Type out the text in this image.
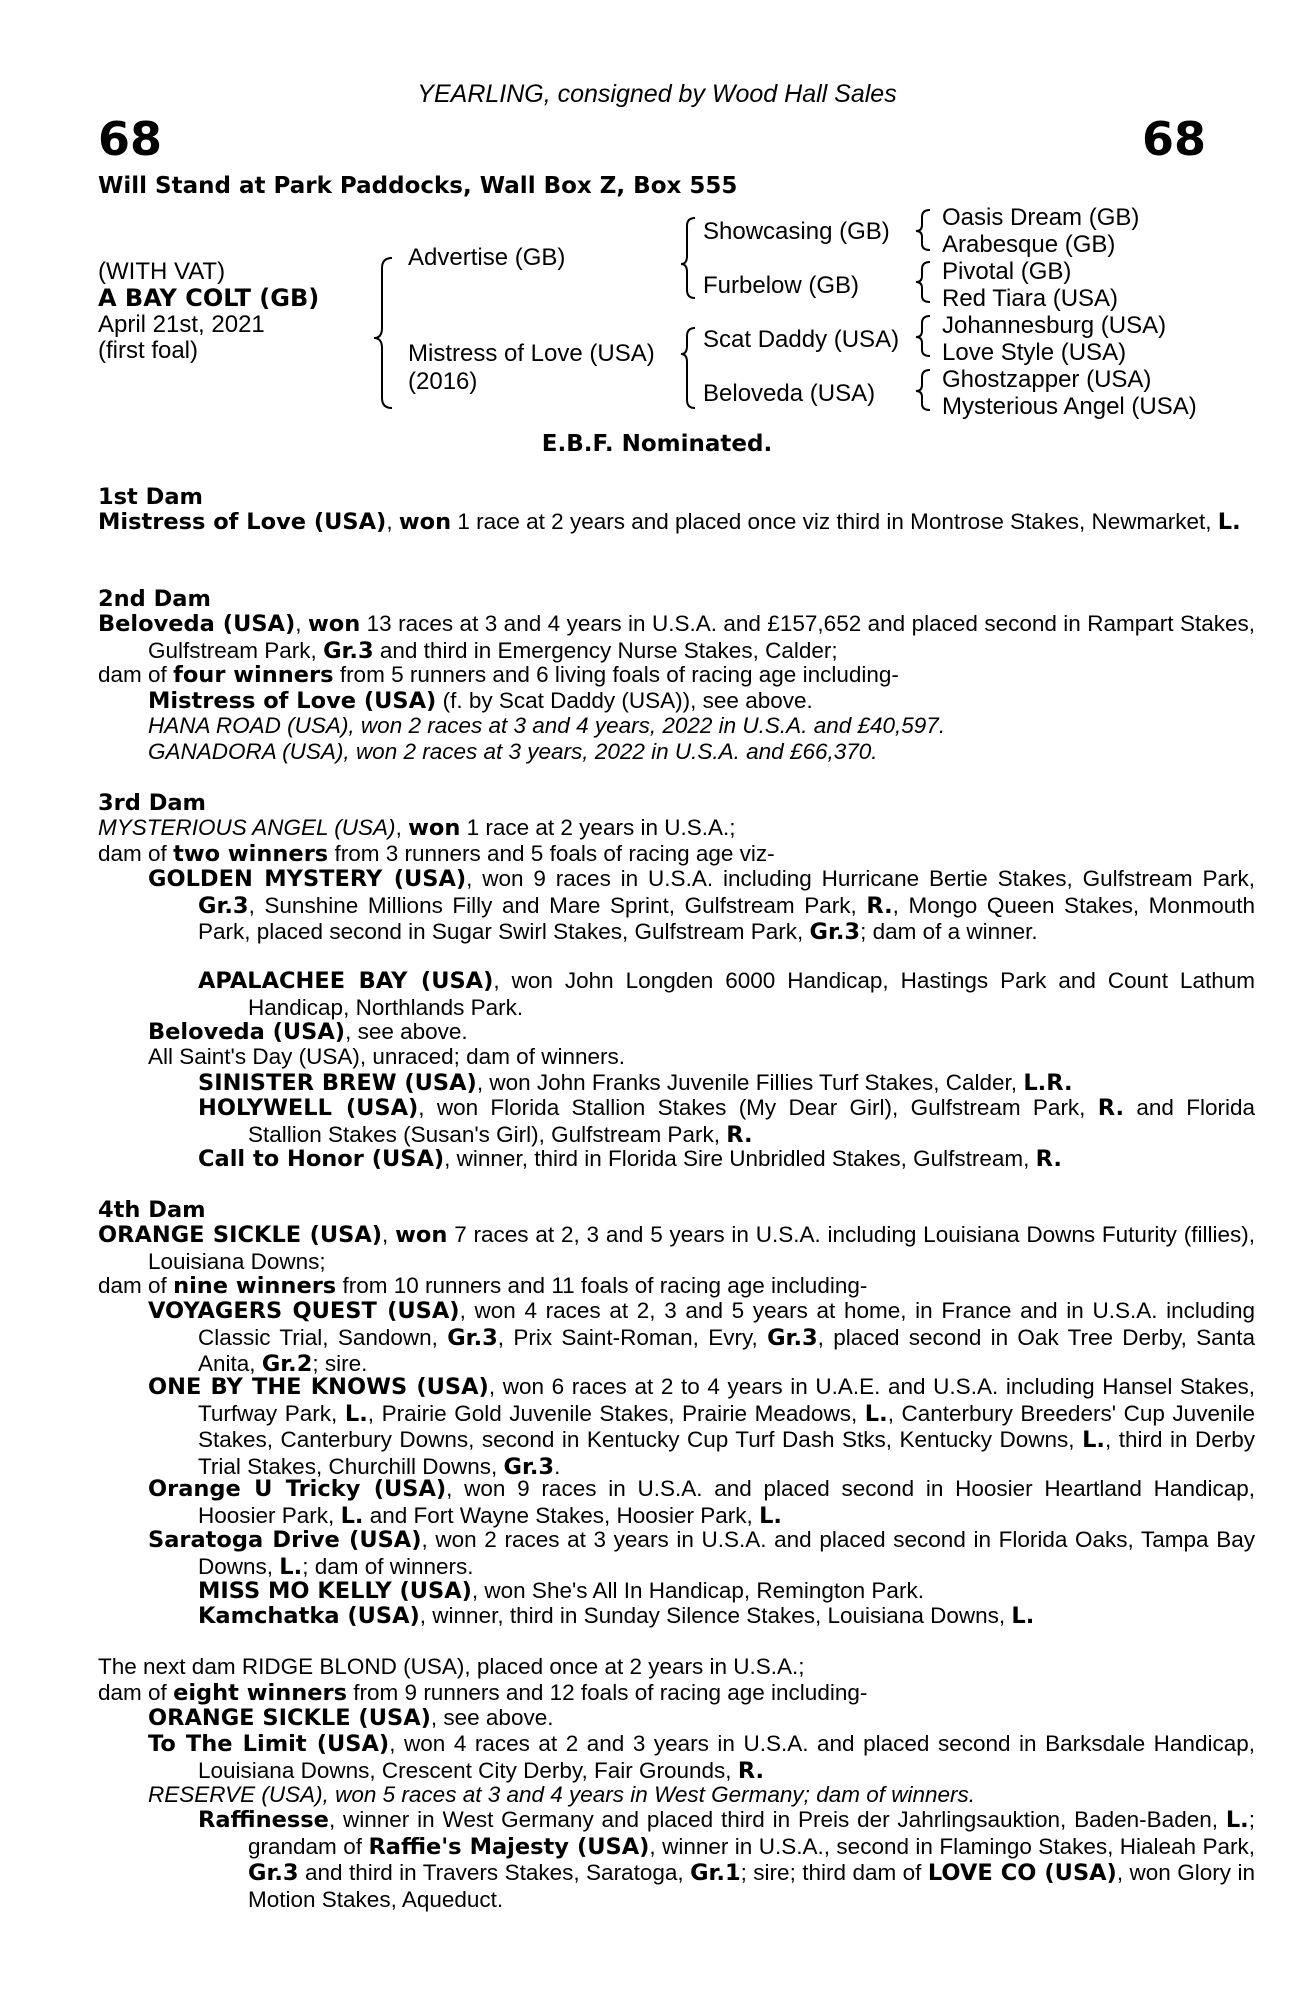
YEARLING, consigned by Wood Hall Sales
68	68
Will Stand at Park Paddocks, Wall Box Z, Box 555
(WITH VAT)
A BAY COLT (GB)
April 21st, 2021
(first foal)
Advertise (GB)
Mistress of Love (USA)
(2016)
Showcasing (GB)
Furbelow (GB)
Scat Daddy (USA)
Beloveda (USA)
Oasis Dream (GB)
Arabesque (GB)
Pivotal (GB)
Red Tiara (USA)
Johannesburg (USA)
Love Style (USA)
Ghostzapper (USA)
Mysterious Angel (USA)
E.B.F. Nominated.
1st Dam
Mistress of Love (USA), won 1 race at 2 years and placed once viz third in Montrose Stakes, Newmarket, L.
2nd Dam
Beloveda (USA), won 13 races at 3 and 4 years in U.S.A. and £157,652 and placed second in Rampart Stakes, Gulfstream Park, Gr.3 and third in Emergency Nurse Stakes, Calder;
dam of four winners from 5 runners and 6 living foals of racing age including-
Mistress of Love (USA) (f. by Scat Daddy (USA)), see above.
HANA ROAD (USA), won 2 races at 3 and 4 years, 2022 in U.S.A. and £40,597.
GANADORA (USA), won 2 races at 3 years, 2022 in U.S.A. and £66,370.
3rd Dam
MYSTERIOUS ANGEL (USA), won 1 race at 2 years in U.S.A.;
dam of two winners from 3 runners and 5 foals of racing age viz-
GOLDEN MYSTERY (USA), won 9 races in U.S.A. including Hurricane Bertie Stakes, Gulfstream Park, Gr.3, Sunshine Millions Filly and Mare Sprint, Gulfstream Park, R., Mongo Queen Stakes, Monmouth Park, placed second in Sugar Swirl Stakes, Gulfstream Park, Gr.3; dam of a winner.
APALACHEE BAY (USA), won John Longden 6000 Handicap, Hastings Park and Count Lathum Handicap, Northlands Park.
Beloveda (USA), see above.
All Saint's Day (USA), unraced; dam of winners.
SINISTER BREW (USA), won John Franks Juvenile Fillies Turf Stakes, Calder, L.R.
HOLYWELL (USA), won Florida Stallion Stakes (My Dear Girl), Gulfstream Park, R. and Florida Stallion Stakes (Susan's Girl), Gulfstream Park, R.
Call to Honor (USA), winner, third in Florida Sire Unbridled Stakes, Gulfstream, R.
4th Dam
ORANGE SICKLE (USA), won 7 races at 2, 3 and 5 years in U.S.A. including Louisiana Downs Futurity (fillies), Louisiana Downs;
dam of nine winners from 10 runners and 11 foals of racing age including-
VOYAGERS QUEST (USA), won 4 races at 2, 3 and 5 years at home, in France and in U.S.A. including Classic Trial, Sandown, Gr.3, Prix Saint-Roman, Evry, Gr.3, placed second in Oak Tree Derby, Santa Anita, Gr.2; sire.
ONE BY THE KNOWS (USA), won 6 races at 2 to 4 years in U.A.E. and U.S.A. including Hansel Stakes, Turfway Park, L., Prairie Gold Juvenile Stakes, Prairie Meadows, L., Canterbury Breeders' Cup Juvenile Stakes, Canterbury Downs, second in Kentucky Cup Turf Dash Stks, Kentucky Downs, L., third in Derby Trial Stakes, Churchill Downs, Gr.3.
Orange U Tricky (USA), won 9 races in U.S.A. and placed second in Hoosier Heartland Handicap, Hoosier Park, L. and Fort Wayne Stakes, Hoosier Park, L.
Saratoga Drive (USA), won 2 races at 3 years in U.S.A. and placed second in Florida Oaks, Tampa Bay Downs, L.; dam of winners.
MISS MO KELLY (USA), won She's All In Handicap, Remington Park.
Kamchatka (USA), winner, third in Sunday Silence Stakes, Louisiana Downs, L.
The next dam RIDGE BLOND (USA), placed once at 2 years in U.S.A.;
dam of eight winners from 9 runners and 12 foals of racing age including-
ORANGE SICKLE (USA), see above.
To The Limit (USA), won 4 races at 2 and 3 years in U.S.A. and placed second in Barksdale Handicap, Louisiana Downs, Crescent City Derby, Fair Grounds, R.
RESERVE (USA), won 5 races at 3 and 4 years in West Germany; dam of winners.
Raffinesse, winner in West Germany and placed third in Preis der Jahrlingsauktion, Baden-Baden, L.; grandam of Raffie's Majesty (USA), winner in U.S.A., second in Flamingo Stakes, Hialeah Park, Gr.3 and third in Travers Stakes, Saratoga, Gr.1; sire; third dam of LOVE CO (USA), won Glory in Motion Stakes, Aqueduct.
